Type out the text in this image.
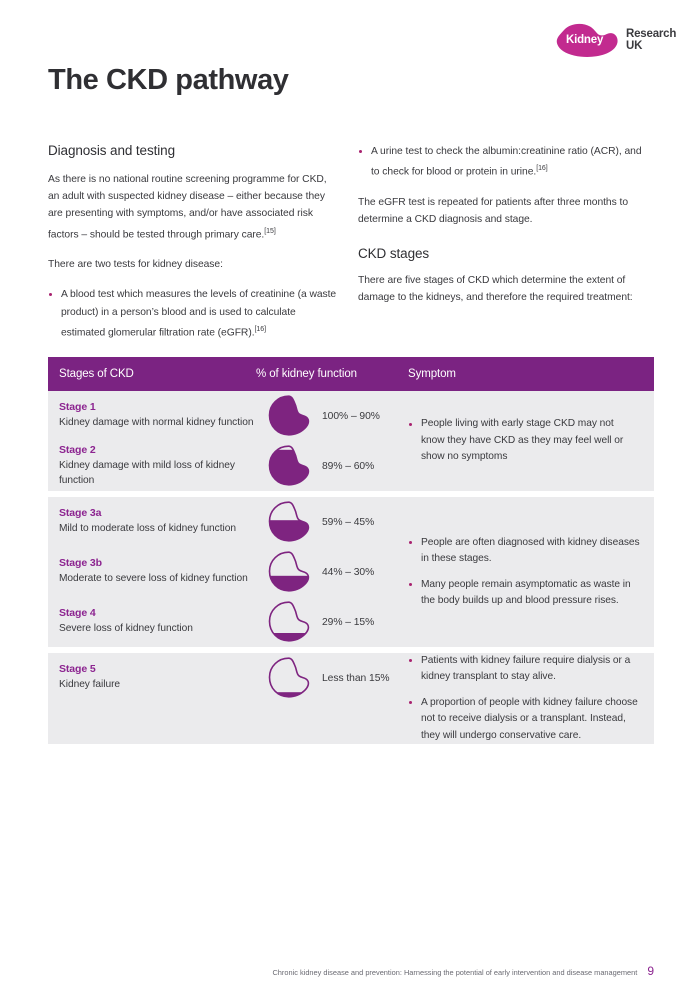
Kidney Research UK
The CKD pathway
Diagnosis and testing

As there is no national routine screening programme for CKD, an adult with suspected kidney disease – either because they are presenting with symptoms, and/or have associated risk factors – should be tested through primary care.[15]

There are two tests for kidney disease:

A blood test which measures the levels of creatinine (a waste product) in a person’s blood and is used to calculate estimated glomerular filtration rate (eGFR).[16]
A urine test to check the albumin:creatinine ratio (ACR), and to check for blood or protein in urine.[16]

The eGFR test is repeated for patients after three months to determine a CKD diagnosis and stage.

CKD stages

There are five stages of CKD which determine the extent of damage to the kidneys, and therefore the required treatment:

Stages of CKD	% of kidney function	Symptom
Stage 1
Kidney damage with normal kidney function
100% – 90%
Stage 2
Kidney damage with mild loss of kidney function
89% – 60%
People living with early stage CKD may not know they have CKD as they may feel well or show no symptoms
Stage 3a
Mild to moderate loss of kidney function
59% – 45%
Stage 3b
Moderate to severe loss of kidney function
44% – 30%
Stage 4
Severe loss of kidney function
29% – 15%
People are often diagnosed with kidney diseases in these stages.
Many people remain asymptomatic as waste in the body builds up and blood pressure rises.
Stage 5
Kidney failure
Less than 15%
Patients with kidney failure require dialysis or a kidney transplant to stay alive.
A proportion of people with kidney failure choose not to receive dialysis or a transplant. Instead, they will undergo conservative care.
Chronic kidney disease and prevention: Harnessing the potential of early intervention and disease management 9
